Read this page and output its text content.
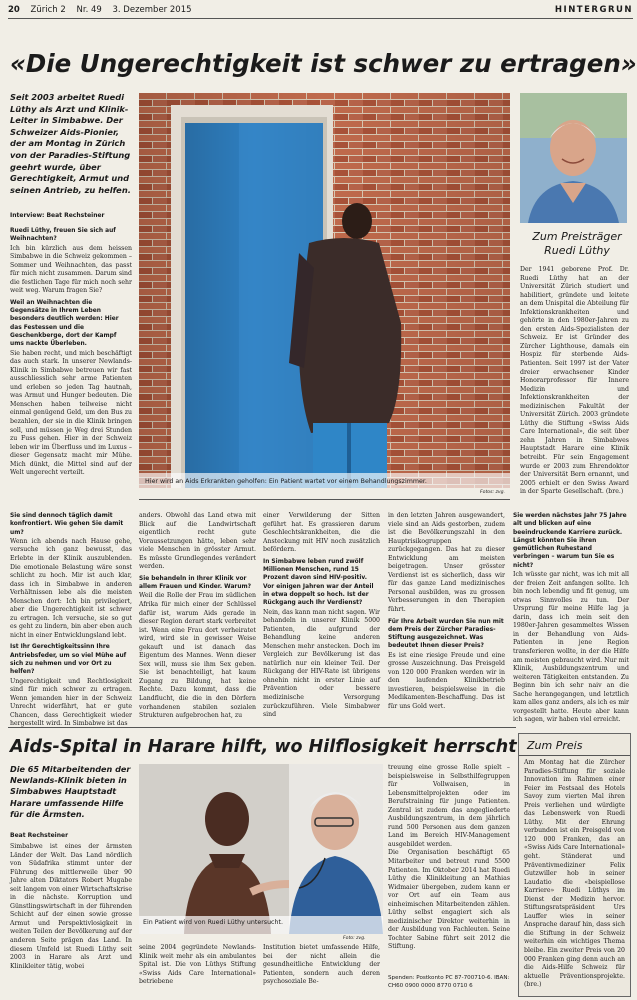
20 Zürich 2 Nr. 49 3. Dezember 2015	HINTERGRUN
«Die Ungerechtigkeit ist schwer zu ertragen»
Seit 2003 arbeitet Ruedi Lüthy als Arzt und Klinik-Leiter in Simbabwe. Der Schweizer Aids-Pionier, der am Montag in Zürich von der Paradies-Stiftung geehrt wurde, über Gerechtigkeit, Armut und seinen Antrieb, zu helfen.
Interview: Beat Rechsteiner

Ruedi Lüthy, freuen Sie sich auf Weihnachten?

Ich bin kürzlich aus dem heissen Simbabwe in die Schweiz gekommen – Sommer und Weihnachten, das passt für mich nicht zusammen. Darum sind die festlichen Tage für mich noch sehr weit weg. Warum fragen Sie?

Weil an Weihnachten die Gegensätze in Ihrem Leben besonders deutlich werden: Hier das Festessen und die Geschenkberge, dort der Kampf ums nackte Überleben.

Sie haben recht, und mich beschäftigt das auch stark. In unserer Newlands-Klinik in Simbabwe betreuen wir fast ausschliesslich sehr arme Patienten und erleben so jeden Tag hautnah, was Armut und Hunger bedeuten. Die Menschen haben teilweise nicht einmal genügend Geld, um den Bus zu bezahlen, der sie in die Klinik bringen soll, und müssen je Weg drei Stunden zu Fuss gehen. Hier in der Schweiz leben wir im Überfluss und im Luxus – dieser Gegensatz macht mir Mühe. Mich dünkt, die Mittel sind auf der Welt ungerecht verteilt.

Hier wird an Aids Erkrankten geholfen: Ein Patient wartet vor einem Behandlungszimmer.
Fotos: zvg.
Zum Preisträger Ruedi Lüthy
Der 1941 geborene Prof. Dr. Ruedi Lüthy hat an der Universität Zürich studiert und habilitiert, gründete und leitete an dem Unispital die Abteilung für Infektionskrankheiten und gehörte in den 1980er-Jahren zu den ersten Aids-Spezialisten der Schweiz. Er ist Gründer des Zürcher Lighthouse, damals ein Hospiz für sterbende Aids-Patienten. Seit 1997 ist der Vater dreier erwachsener Kinder Honorarprofessor für Innere Medizin und Infektionskrankheiten der medizinischen Fakultät der Universität Zürich. 2003 gründete Lüthy die Stiftung «Swiss Aids Care International», die seit über zehn Jahren in Simbabwes Hauptstadt Harare eine Klinik betreibt. Für sein Engagement wurde er 2003 zum Ehrendoktor der Universität Bern ernannt, und 2005 erhielt er den Swiss Award in der Sparte Gesellschaft. (bre.)

Sie sind dennoch täglich damit konfrontiert. Wie gehen Sie damit um?

Wenn ich abends nach Hause gehe, versuche ich ganz bewusst, das Erlebte in der Klinik auszublenden. Die emotionale Belastung wäre sonst schlicht zu hoch. Mir ist auch klar, dass ich in Simbabwe in anderen Verhältnissen lebe als die meisten Menschen dort: Ich bin privilegiert, aber die Ungerechtigkeit ist schwer zu ertragen. Ich versuche, sie so gut es geht zu lindern, bin aber eben auch nicht in einer Entwicklungsland lebt.

Ist Ihr Gerechtigkeitssinn Ihre Antriebsfeder, um so viel Mühe auf sich zu nehmen und vor Ort zu helfen?

Ungerechtigkeit und Rechtlosigkeit sind für mich schwer zu ertragen. Wenn jemanden hier in der Schweiz Unrecht widerfährt, hat er gute Chancen, dass Gerechtigkeit wieder hergestellt wird. In Simbabwe ist das

anders. Obwohl das Land etwa mit Blick auf die Landwirtschaft eigentlich recht gute Voraussetzungen hätte, leben sehr viele Menschen in grösster Armut. Es müsste Grundlegendes verändert werden.

Sie behandeln in Ihrer Klinik vor allem Frauen und Kinder. Warum?

Weil die Rolle der Frau im südlichen Afrika für mich einer der Schlüssel dafür ist, warum Aids gerade in dieser Region derart stark verbreitet ist. Wenn eine Frau dort verheiratet wird, wird sie in gewisser Weise gekauft und ist danach das Eigentum des Mannes. Wenn dieser Sex will, muss sie ihm Sex geben. Sie ist benachteiligt, hat kaum Zugang zu Bildung, hat keine Rechte. Dazu kommt, dass die Landflucht, die die in den Dörfern vorhandenen stabilen sozialen Strukturen aufgebrochen hat, zu

einer Verwilderung der Sitten geführt hat. Es grassieren darum Geschlechtskrankheiten, die die Ansteckung mit HIV noch zusätzlich befördern.

In Simbabwe leben rund zwölf Millionen Menschen, rund 15 Prozent davon sind HIV-positiv. Vor einigen Jahren war der Anteil in etwa doppelt so hoch. Ist der Rückgang auch Ihr Verdienst?

Nein, das kann man nicht sagen. Wir behandeln in unserer Klinik 5000 Patienten, die aufgrund der Behandlung keine anderen Menschen mehr anstecken. Doch im Vergleich zur Bevölkerung ist das natürlich nur ein kleiner Teil. Der Rückgang der HIV-Rate ist übrigens ohnehin nicht in erster Linie auf Prävention oder bessere medizinische Versorgung zurückzuführen. Viele Simbabwer sind

in den letzten Jahren ausgewandert, viele sind an Aids gestorben, zudem ist die Bevölkerungszahl in den Hauptrisikogruppen zurückgegangen. Das hat zu dieser Entwicklung am meisten beigetragen. Unser grösster Verdienst ist es sicherlich, dass wir für das ganze Land medizinisches Personal ausbilden, was zu grossen Verbesserungen in den Therapien führt.

Für Ihre Arbeit wurden Sie nun mit dem Preis der Zürcher Paradies-Stiftung ausgezeichnet. Was bedeutet Ihnen dieser Preis?

Es ist eine riesige Freude und eine grosse Auszeichnung. Das Preisgeld von 120 000 Franken werden wir in den laufenden Klinikbetrieb investieren, beispielsweise in die Medikamenten-Beschaffung. Das ist für uns Gold wert.

Sie werden nächstes Jahr 75 Jahre alt und blicken auf eine beeindruckende Karriere zurück. Längst könnten Sie ihren gemütlichen Ruhestand verbringen – warum tun Sie es nicht?

Ich wüsste gar nicht, was ich mit all der freien Zeit anfangen sollte. Ich bin noch lebendig und fit genug, um etwas Sinnvolles zu tun. Der Ursprung für meine Hilfe lag ja darin, dass ich mein seit den 1980er-Jahren gesammeltes Wissen in der Behandlung von Aids-Patienten in jene Region transferieren wollte, in der die Hilfe am meisten gebraucht wird. Nur mit Klinik, Ausbildungszentrum und weiteren Tätigkeiten entstanden. Zu Beginn bin ich sehr naiv an die Sache herangegangen, und letztlich kam alles ganz anders, als ich es mir vorgestellt hatte. Heute aber kann ich sagen, wir haben viel erreicht.

Aids-Spital in Harare hilft, wo Hilflosigkeit herrscht
Die 65 Mitarbeitenden der Newlands-Klinik bieten in Simbabwes Hauptstadt Harare umfassende Hilfe für die Ärmsten.
Beat Rechsteiner
Simbabwe ist eines der ärmsten Länder der Welt. Das Land nördlich von Südafrika stimmt unter der Führung des mittlerweile über 90 Jahre alten Diktators Robert Mugabe seit langem von einer Wirtschaftskrise in die nächste. Korruption und Günstlingswirtschaft in der führenden Schicht auf der einen sowie grosse Armut und Perspektivlosigkeit in weiten Teilen der Bevölkerung auf der anderen Seite prägen das Land. In diesem Umfeld ist Ruedi Lüthy seit 2003 in Harare als Arzt und Klinikleiter tätig, wobei
Ein Patient wird von Ruedi Lüthy untersucht.
Foto: zvg.
seine 2004 gegründete Newlands-Klinik weit mehr als ein ambulantes Spital ist. Die von Lüthys Stiftung «Swiss Aids Care International» betriebene
Institution bietet umfassende Hilfe, bei der nicht allein die gesundheitliche Entwicklung der Patienten, sondern auch deren psychosoziale Be-
treuung eine grosse Rolle spielt – beispielsweise in Selbsthilfegruppen für Vollwaisen, in Lebensmittelprojekten oder im Berufstraining für junge Patienten. Zentral ist zudem das angegliederte Ausbildungszentrum, in dem jährlich rund 500 Personen aus dem ganzen Land im Bereich HIV-Management ausgebildet werden.
Die Organisation beschäftigt 65 Mitarbeiter und betreut rund 5500 Patienten. Im Oktober 2014 hat Ruedi Lüthy die Klinikleitung an Mathias Widmaier übergeben, zudem kann er vor Ort auf ein Team aus einheimischen Mitarbeitenden zählen. Lüthy selbst engagiert sich als medizinischer Direktor weiterhin in der Ausbildung von Fachleuten. Seine Tochter Sabine führt seit 2012 die Stiftung.
Spenden: Postkonto PC 87-700710-6. IBAN: CH60 0900 0000 8770 0710 6
Zum Preis
Am Montag hat die Zürcher Paradies-Stiftung für soziale Innovation im Rahmen einer Feier im Festsaal des Hotels Savoy zum vierten Mal ihren Preis verliehen und würdigte das Lebenswerk von Ruedi Lüthy. Mit der Ehrung verbunden ist ein Preisgeld von 120 000 Franken, das an «Swiss Aids Care International» geht. Ständerat und Präventivmediziner Felix Gutzwiller hob in seiner Laudatio die «beispiellose Karriere» Ruedi Lüthys im Dienst der Medizin hervor. Stiftungsratspräsident Urs Lauffer wies in seiner Ansprache darauf hin, dass sich die Stiftung in der Schweiz weiterhin ein wichtiges Thema bleibe. Ein zweiter Preis von 20 000 Franken ging denn auch an die Aids-Hilfe Schweiz für aktuelle Präventionsprojekte. (bre.)
